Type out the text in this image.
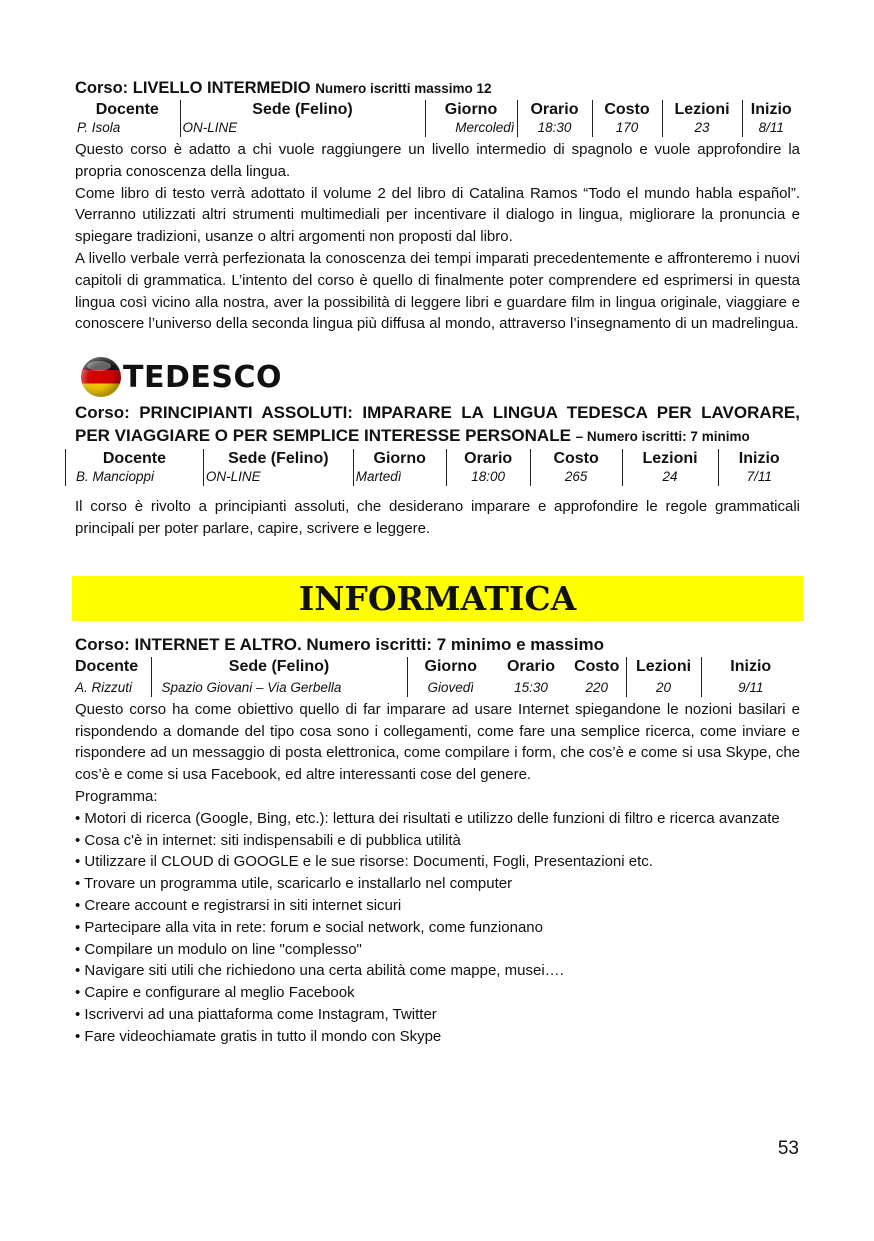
Corso: LIVELLO INTERMEDIO Numero iscritti massimo 12

Docente	Sede (Felino)	Giorno	Orario	Costo	Lezioni	Inizio
P. Isola	ON-LINE	Mercoledì	18:30	170	23	8/11

Questo corso è adatto a chi vuole raggiungere un livello intermedio di spagnolo e vuole approfondire la propria conoscenza della lingua.

Come libro di testo verrà adottato il volume 2 del libro di Catalina Ramos “Todo el mundo habla español”. Verranno utilizzati altri strumenti multimediali per incentivare il dialogo in lingua, migliorare la pronuncia e spiegare tradizioni, usanze o altri argomenti non proposti dal libro.

A livello verbale verrà perfezionata la conoscenza dei tempi imparati precedentemente e affronteremo i nuovi capitoli di grammatica. L’intento del corso è quello di finalmente poter comprendere ed esprimersi in questa lingua così vicino alla nostra, aver la possibilità di leggere libri e guardare film in lingua originale, viaggiare e conoscere l’universo della seconda lingua più diffusa al mondo, attraverso l’insegnamento di un madrelingua.

TEDESCO

Corso: PRINCIPIANTI ASSOLUTI: IMPARARE LA LINGUA TEDESCA PER LAVORARE, PER VIAGGIARE O PER SEMPLICE INTERESSE PERSONALE – Numero iscritti: 7 minimo

Docente	Sede (Felino)	Giorno	Orario	Costo	Lezioni	Inizio
B. Mancioppi	ON-LINE	Martedì	18:00	265	24	7/11

Il corso è rivolto a principianti assoluti, che desiderano imparare e approfondire le regole grammaticali principali per poter parlare, capire, scrivere e leggere.

INFORMATICA

Corso: INTERNET E ALTRO. Numero iscritti: 7 minimo e massimo

Docente	Sede (Felino)	Giorno	Orario	Costo	Lezioni	Inizio
A. Rizzuti	Spazio Giovani – Via Gerbella	Giovedì	15:30	220	20	9/11

Questo corso ha come obiettivo quello di far imparare ad usare Internet spiegandone le nozioni basilari e rispondendo a domande del tipo cosa sono i collegamenti, come fare una semplice ricerca, come inviare e rispondere ad un messaggio di posta elettronica, come compilare i form, che cos’è e come si usa Skype, che cos’è e come si usa Facebook, ed altre interessanti cose del genere.

Programma:

• Motori di ricerca (Google, Bing, etc.): lettura dei risultati e utilizzo delle funzioni di filtro e ricerca avanzate
• Cosa c'è in internet: siti indispensabili e di pubblica utilità
• Utilizzare il CLOUD di GOOGLE e le sue risorse: Documenti, Fogli, Presentazioni etc.
• Trovare un programma utile, scaricarlo e installarlo nel computer
• Creare account e registrarsi in siti internet sicuri
• Partecipare alla vita in rete: forum e social network, come funzionano
• Compilare un modulo on line "complesso"
• Navigare siti utili che richiedono una certa abilità come mappe, musei….
• Capire e configurare al meglio Facebook
• Iscrivervi ad una piattaforma come Instagram, Twitter
• Fare videochiamate gratis in tutto il mondo con Skype
53
